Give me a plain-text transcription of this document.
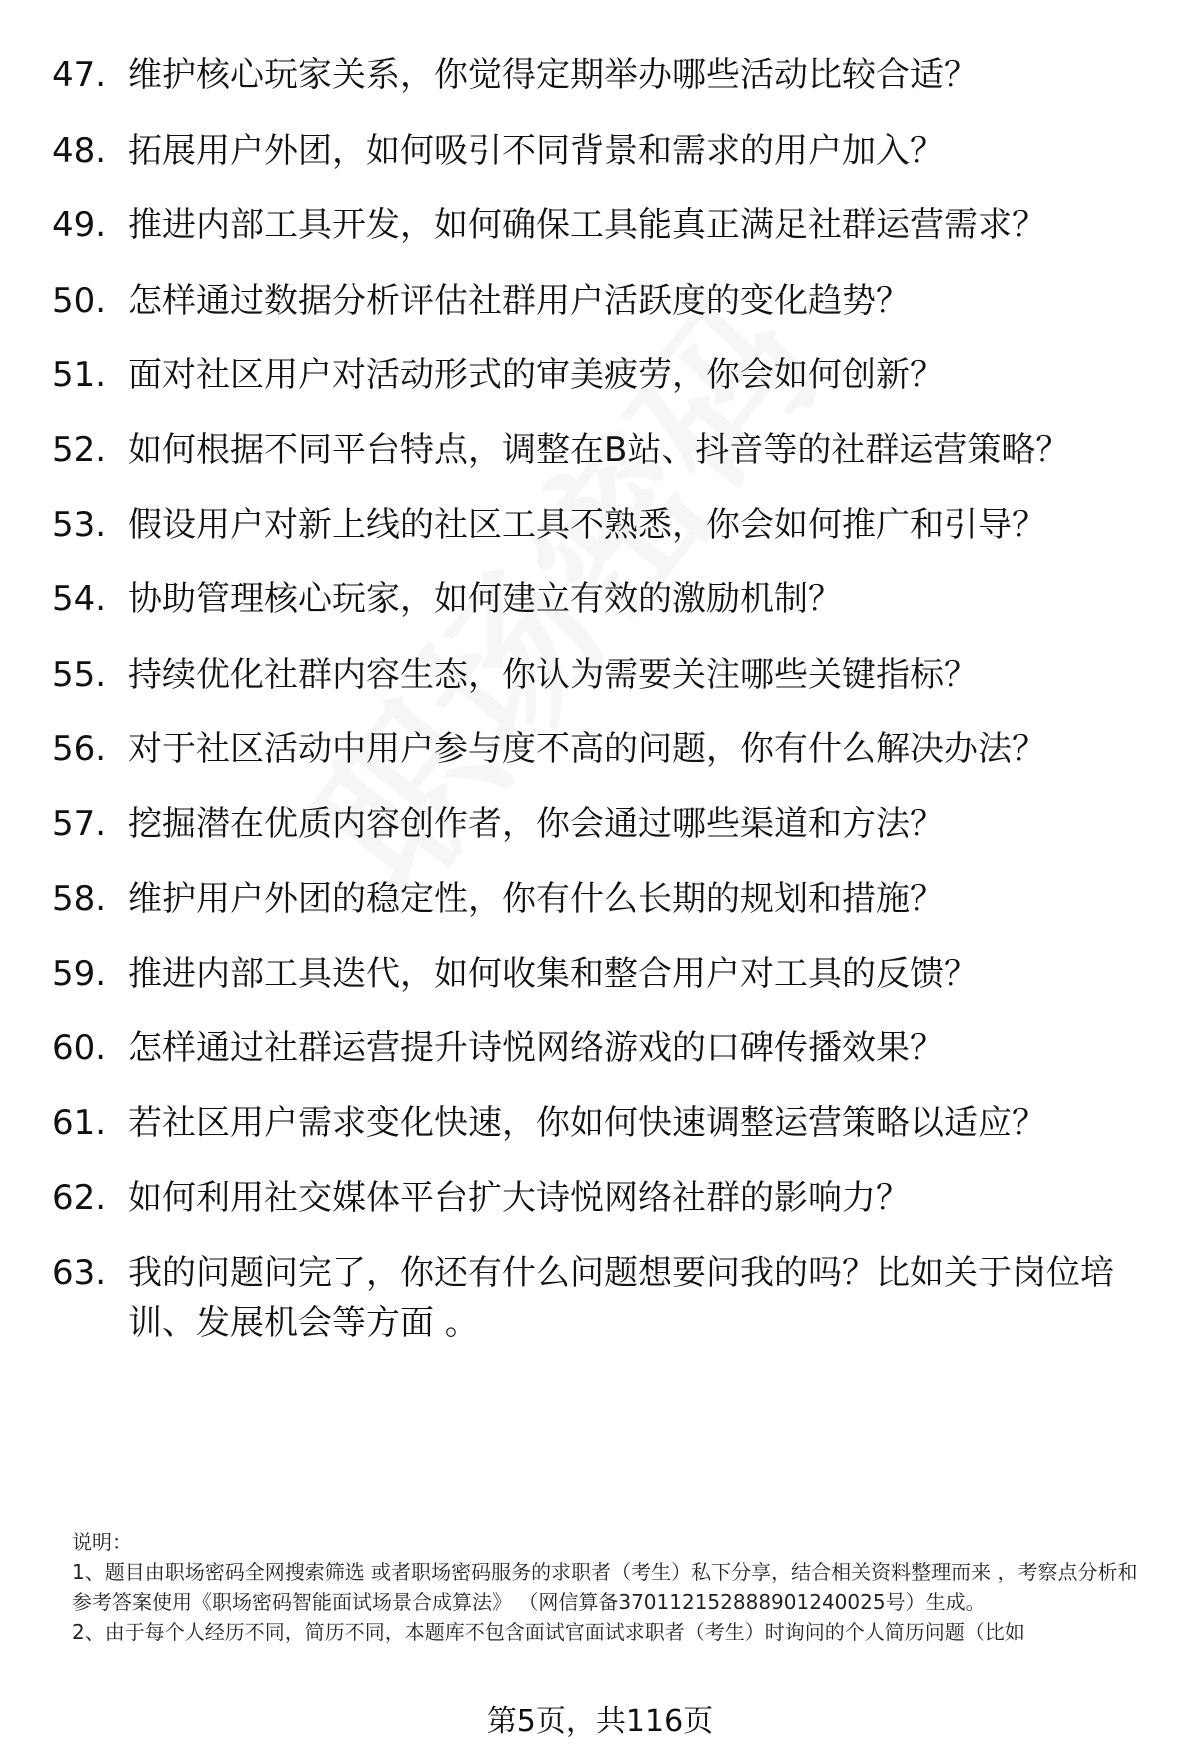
47. 维护核心玩家关系，你觉得定期举办哪些活动比较合适？
48. 拓展用户外团，如何吸引不同背景和需求的用户加入？
49. 推进内部工具开发，如何确保工具能真正满足社群运营需求？
50. 怎样通过数据分析评估社群用户活跃度的变化趋势？
51. 面对社区用户对活动形式的审美疲劳，你会如何创新？
52. 如何根据不同平台特点，调整在B站、抖音等的社群运营策略？
53. 假设用户对新上线的社区工具不熟悉，你会如何推广和引导？
54. 协助管理核心玩家，如何建立有效的激励机制？
55. 持续优化社群内容生态，你认为需要关注哪些关键指标？
56. 对于社区活动中用户参与度不高的问题，你有什么解决办法？
57. 挖掘潜在优质内容创作者，你会通过哪些渠道和方法？
58. 维护用户外团的稳定性，你有什么长期的规划和措施？
59. 推进内部工具迭代，如何收集和整合用户对工具的反馈？
60. 怎样通过社群运营提升诗悦网络游戏的口碑传播效果？
61. 若社区用户需求变化快速，你如何快速调整运营策略以适应？
62. 如何利用社交媒体平台扩大诗悦网络社群的影响力？
63. 我的问题问完了，你还有什么问题想要问我的吗？比如关于岗位培训、发展机会等方面 。

说明：

1、题目由职场密码全网搜索筛选 或者职场密码服务的求职者（考生）私下分享，结合相关资料整理而来 ，考察点分析和参考答案使用《职场密码智能面试场景合成算法》 （网信算备370112152888901240025号）生成。

2、由于每个人经历不同，简历不同，本题库不包含面试官面试求职者（考生）时询问的个人简历问题（比如

第5页，共116页
